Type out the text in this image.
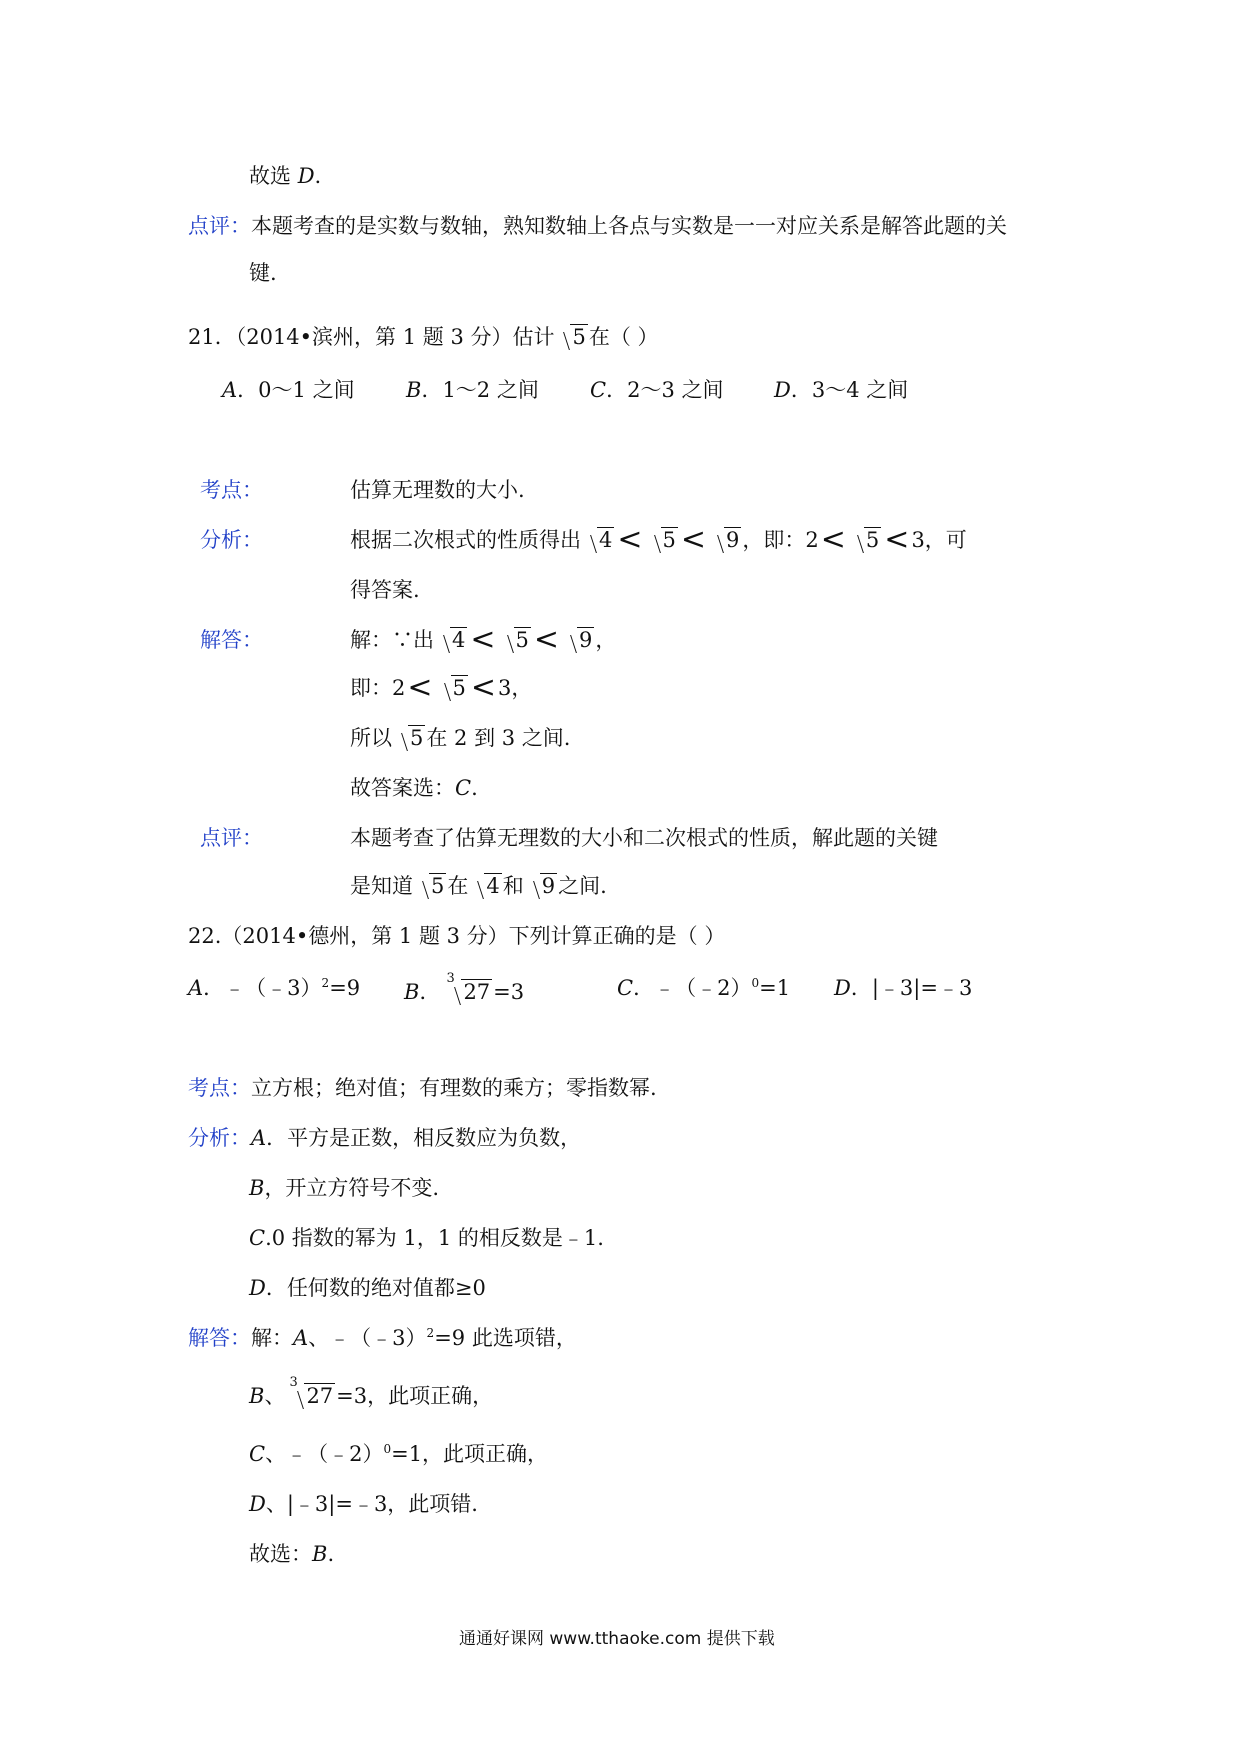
故选 D.
点评：本题考查的是实数与数轴，熟知数轴上各点与实数是一一对应关系是解答此题的关
键.
21．（2014•滨州，第 1 题 3 分）估计 5 在（ ）
A．0～1 之间 B．1～2 之间 C．2～3 之间 D．3～4 之间
考点：	估算无理数的大小.
分析：	根据二次根式的性质得出 4 < 5 < 9 ，即：2< 5 <3，可
得答案.
解答：	解：∵出 4 < 5 < 9 ，
即：2< 5 <3，
所以 5 在 2 到 3 之间.
故答案选：C.
点评：	本题考查了估算无理数的大小和二次根式的性质，解此题的关键
是知道 5 在 4 和 9 之间.
22.（2014•德州，第 1 题 3 分）下列计算正确的是（ ）
A．﹣（﹣3）$^2$=9 B．
3
27 =3	C．﹣（﹣2）$^0$=1 D．|﹣3|=﹣3
考点：立方根；绝对值；有理数的乘方；零指数幂.
分析：A．平方是正数，相反数应为负数，
B，开立方符号不变.
C.0 指数的幂为 1，1 的相反数是﹣1.
D．任何数的绝对值都≥0
解答：解：A、﹣（﹣3）$^2$=9 此选项错，
B、
3
27 =3，此项正确，
C、﹣（﹣2）$^0$=1，此项正确，
D、|﹣3|=﹣3，此项错.
故选：B.
通通好课网 www.tthaoke.com 提供下载
